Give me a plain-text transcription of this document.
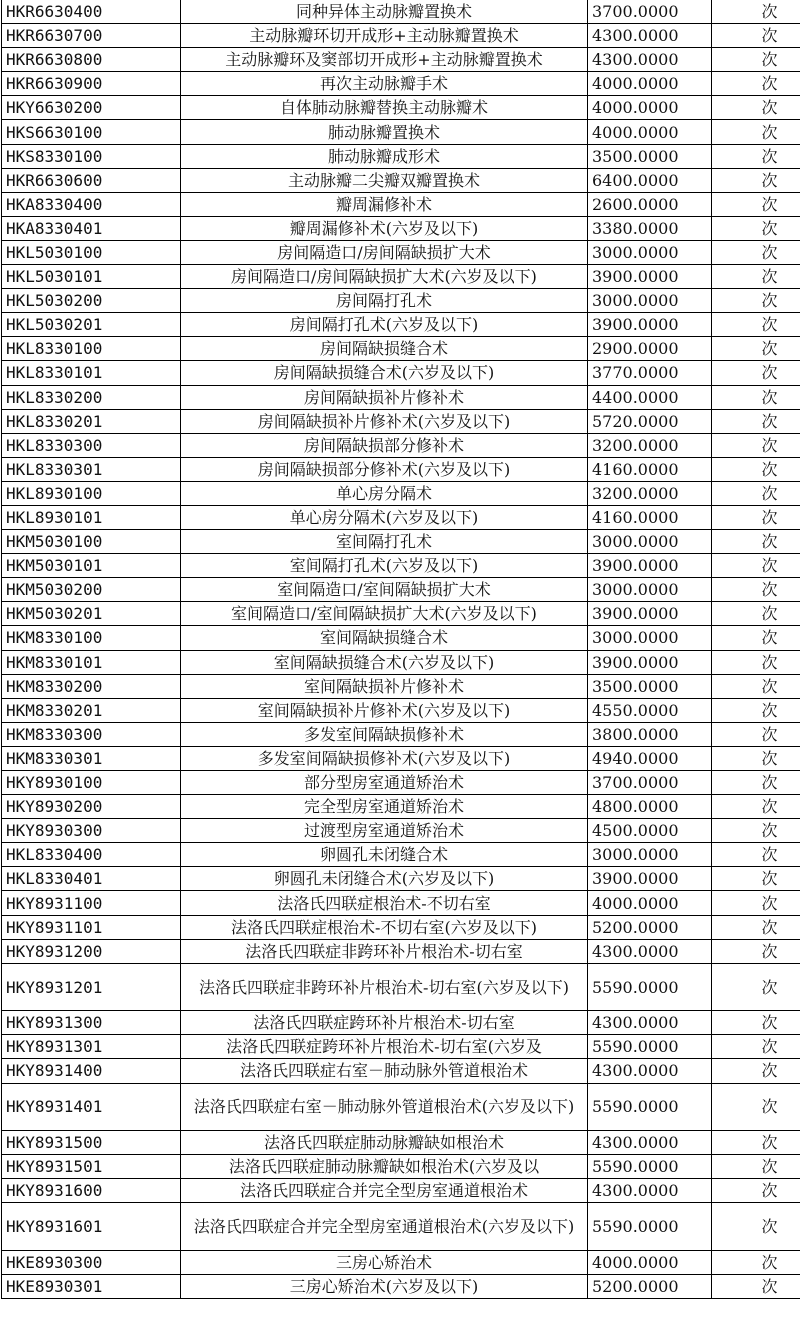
HKR6630400	同种异体主动脉瓣置换术	3700.0000	次
HKR6630700	主动脉瓣环切开成形+主动脉瓣置换术	4300.0000	次
HKR6630800	主动脉瓣环及窦部切开成形+主动脉瓣置换术	4300.0000	次
HKR6630900	再次主动脉瓣手术	4000.0000	次
HKY6630200	自体肺动脉瓣替换主动脉瓣术	4000.0000	次
HKS6630100	肺动脉瓣置换术	4000.0000	次
HKS8330100	肺动脉瓣成形术	3500.0000	次
HKR6630600	主动脉瓣二尖瓣双瓣置换术	6400.0000	次
HKA8330400	瓣周漏修补术	2600.0000	次
HKA8330401	瓣周漏修补术(六岁及以下)	3380.0000	次
HKL5030100	房间隔造口/房间隔缺损扩大术	3000.0000	次
HKL5030101	房间隔造口/房间隔缺损扩大术(六岁及以下)	3900.0000	次
HKL5030200	房间隔打孔术	3000.0000	次
HKL5030201	房间隔打孔术(六岁及以下)	3900.0000	次
HKL8330100	房间隔缺损缝合术	2900.0000	次
HKL8330101	房间隔缺损缝合术(六岁及以下)	3770.0000	次
HKL8330200	房间隔缺损补片修补术	4400.0000	次
HKL8330201	房间隔缺损补片修补术(六岁及以下)	5720.0000	次
HKL8330300	房间隔缺损部分修补术	3200.0000	次
HKL8330301	房间隔缺损部分修补术(六岁及以下)	4160.0000	次
HKL8930100	单心房分隔术	3200.0000	次
HKL8930101	单心房分隔术(六岁及以下)	4160.0000	次
HKM5030100	室间隔打孔术	3000.0000	次
HKM5030101	室间隔打孔术(六岁及以下)	3900.0000	次
HKM5030200	室间隔造口/室间隔缺损扩大术	3000.0000	次
HKM5030201	室间隔造口/室间隔缺损扩大术(六岁及以下)	3900.0000	次
HKM8330100	室间隔缺损缝合术	3000.0000	次
HKM8330101	室间隔缺损缝合术(六岁及以下)	3900.0000	次
HKM8330200	室间隔缺损补片修补术	3500.0000	次
HKM8330201	室间隔缺损补片修补术(六岁及以下)	4550.0000	次
HKM8330300	多发室间隔缺损修补术	3800.0000	次
HKM8330301	多发室间隔缺损修补术(六岁及以下)	4940.0000	次
HKY8930100	部分型房室通道矫治术	3700.0000	次
HKY8930200	完全型房室通道矫治术	4800.0000	次
HKY8930300	过渡型房室通道矫治术	4500.0000	次
HKL8330400	卵圆孔未闭缝合术	3000.0000	次
HKL8330401	卵圆孔未闭缝合术(六岁及以下)	3900.0000	次
HKY8931100	法洛氏四联症根治术-不切右室	4000.0000	次
HKY8931101	法洛氏四联症根治术-不切右室(六岁及以下)	5200.0000	次
HKY8931200	法洛氏四联症非跨环补片根治术-切右室	4300.0000	次
HKY8931201	法洛氏四联症非跨环补片根治术-切右室(六岁及以下)	5590.0000	次
HKY8931300	法洛氏四联症跨环补片根治术-切右室	4300.0000	次
HKY8931301	法洛氏四联症跨环补片根治术-切右室(六岁及	5590.0000	次
HKY8931400	法洛氏四联症右室－肺动脉外管道根治术	4300.0000	次
HKY8931401	法洛氏四联症右室－肺动脉外管道根治术(六岁及以下)	5590.0000	次
HKY8931500	法洛氏四联症肺动脉瓣缺如根治术	4300.0000	次
HKY8931501	法洛氏四联症肺动脉瓣缺如根治术(六岁及以	5590.0000	次
HKY8931600	法洛氏四联症合并完全型房室通道根治术	4300.0000	次
HKY8931601	法洛氏四联症合并完全型房室通道根治术(六岁及以下)	5590.0000	次
HKE8930300	三房心矫治术	4000.0000	次
HKE8930301	三房心矫治术(六岁及以下)	5200.0000	次
